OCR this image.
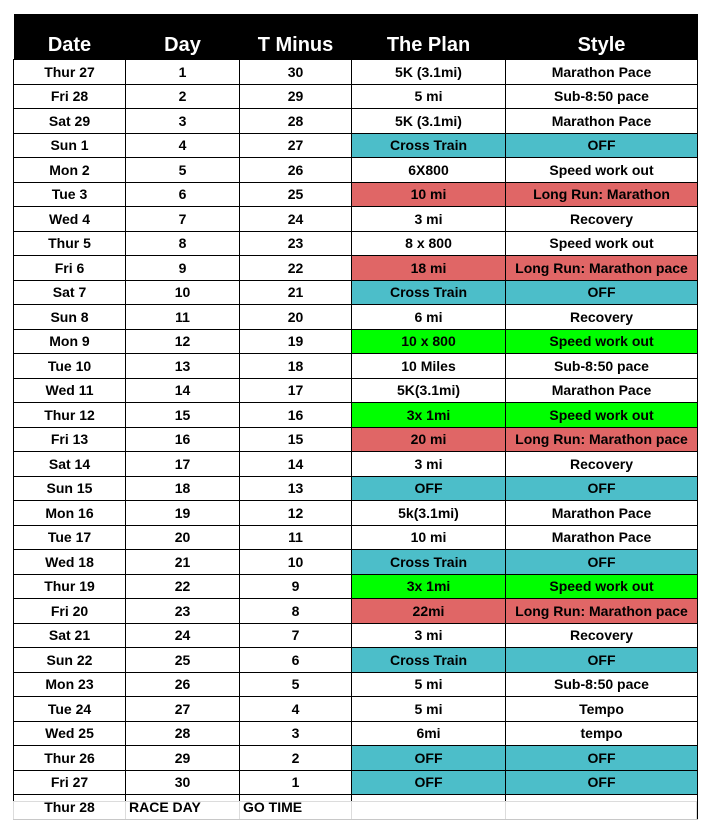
Date	Day	T Minus	The Plan	Style
Thur 27	1	30	5K (3.1mi)	Marathon Pace
Fri 28	2	29	5 mi	Sub-8:50 pace
Sat 29	3	28	5K (3.1mi)	Marathon Pace
Sun 1	4	27	Cross Train	OFF
Mon 2	5	26	6X800	Speed work out
Tue 3	6	25	10 mi	Long Run: Marathon
Wed 4	7	24	3 mi	Recovery
Thur 5	8	23	8 x 800	Speed work out
Fri 6	9	22	18 mi	Long Run: Marathon pace
Sat 7	10	21	Cross Train	OFF
Sun 8	11	20	6 mi	Recovery
Mon 9	12	19	10 x 800	Speed work out
Tue 10	13	18	10 Miles	Sub-8:50 pace
Wed 11	14	17	5K(3.1mi)	Marathon Pace
Thur 12	15	16	3x 1mi	Speed work out
Fri 13	16	15	20 mi	Long Run: Marathon pace
Sat 14	17	14	3 mi	Recovery
Sun 15	18	13	OFF	OFF
Mon 16	19	12	5k(3.1mi)	Marathon Pace
Tue 17	20	11	10 mi	Marathon Pace
Wed 18	21	10	Cross Train	OFF
Thur 19	22	9	3x 1mi	Speed work out
Fri 20	23	8	22mi	Long Run: Marathon pace
Sat 21	24	7	3 mi	Recovery
Sun 22	25	6	Cross Train	OFF
Mon 23	26	5	5 mi	Sub-8:50 pace
Tue 24	27	4	5 mi	Tempo
Wed 25	28	3	6mi	tempo
Thur 26	29	2	OFF	OFF
Fri 27	30	1	OFF	OFF
Thur 28	RACE DAY	GO TIME		
